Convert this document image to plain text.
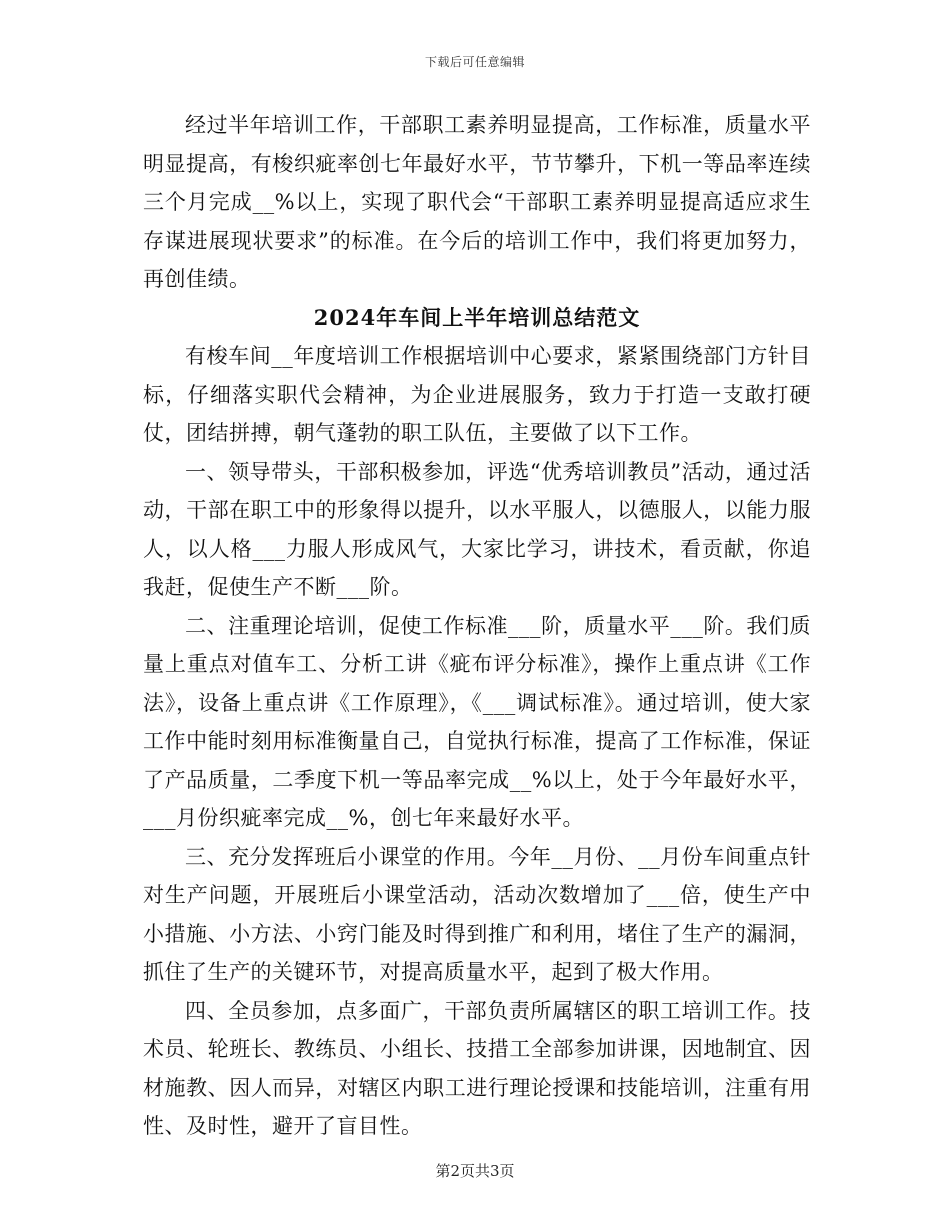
下载后可任意编辑

经过半年培训工作，干部职工素养明显提高，工作标准，质量水平明显提高，有梭织疵率创七年最好水平，节节攀升，下机一等品率连续三个月完成__%以上，实现了职代会“干部职工素养明显提高适应求生存谋进展现状要求”的标准。在今后的培训工作中，我们将更加努力，再创佳绩。

2024年车间上半年培训总结范文

有梭车间__年度培训工作根据培训中心要求，紧紧围绕部门方针目标，仔细落实职代会精神，为企业进展服务，致力于打造一支敢打硬仗，团结拼搏，朝气蓬勃的职工队伍，主要做了以下工作。

一、领导带头，干部积极参加，评选“优秀培训教员”活动，通过活动，干部在职工中的形象得以提升，以水平服人，以德服人，以能力服人，以人格___力服人形成风气，大家比学习，讲技术，看贡献，你追我赶，促使生产不断___阶。

二、注重理论培训，促使工作标准___阶，质量水平___阶。我们质量上重点对值车工、分析工讲《疵布评分标准》，操作上重点讲《工作法》，设备上重点讲《工作原理》，《___调试标准》。通过培训，使大家工作中能时刻用标准衡量自己，自觉执行标准，提高了工作标准，保证了产品质量，二季度下机一等品率完成__%以上，处于今年最好水平，___月份织疵率完成__%，创七年来最好水平。

三、充分发挥班后小课堂的作用。今年__月份、__月份车间重点针对生产问题，开展班后小课堂活动，活动次数增加了___倍，使生产中小措施、小方法、小窍门能及时得到推广和利用，堵住了生产的漏洞，抓住了生产的关键环节，对提高质量水平，起到了极大作用。

四、全员参加，点多面广，干部负责所属辖区的职工培训工作。技术员、轮班长、教练员、小组长、技措工全部参加讲课，因地制宜、因材施教、因人而异，对辖区内职工进行理论授课和技能培训，注重有用性、及时性，避开了盲目性。

第2页共3页
